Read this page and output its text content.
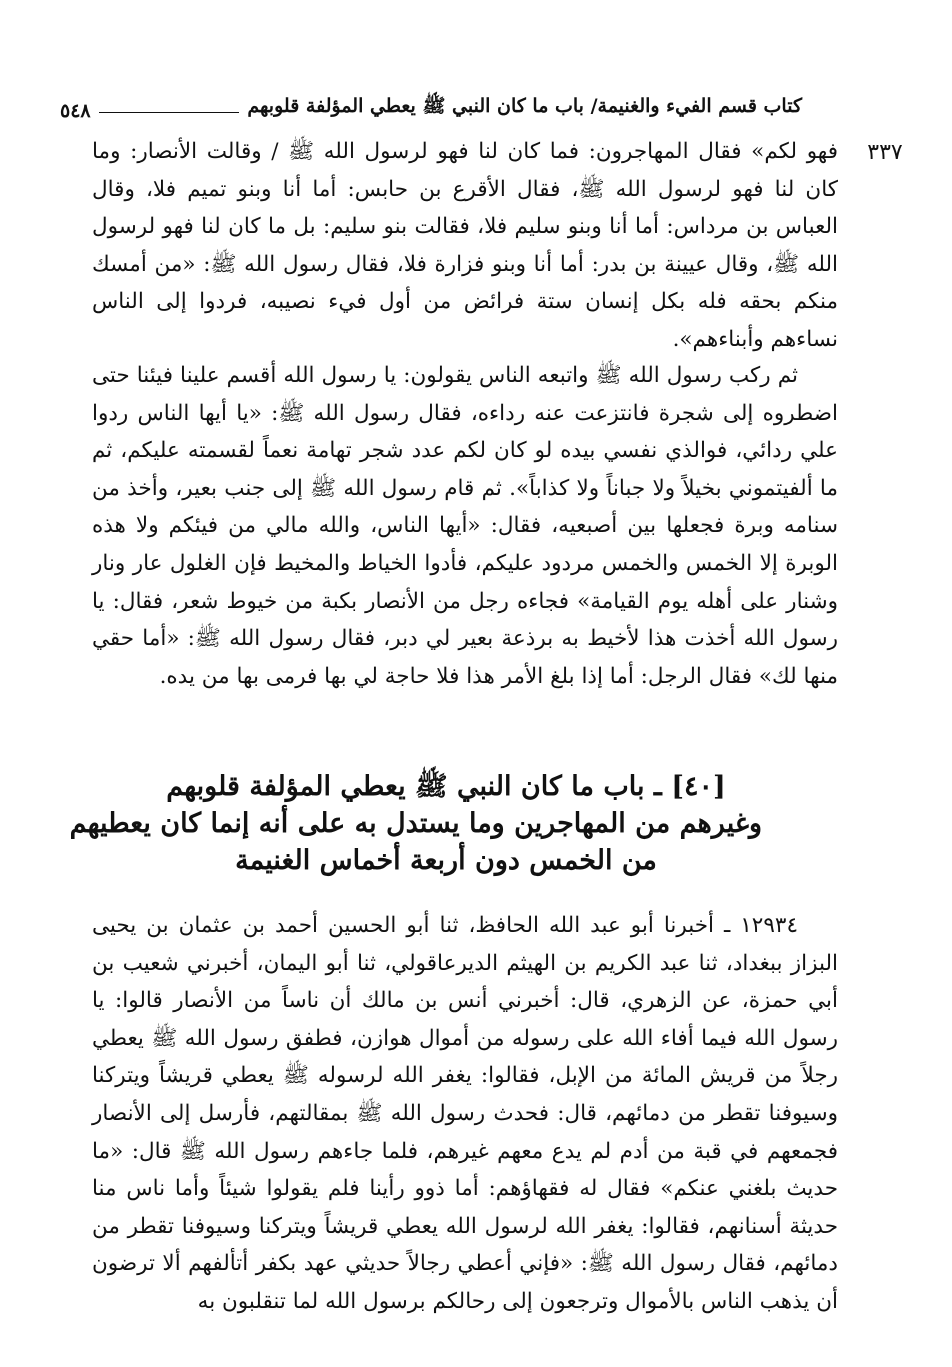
كتاب قسم الفيء والغنيمة/ باب ما كان النبي ﷺ يعطي المؤلفة قلوبهم
٥٤٨
٣٣٧
فهو لكم» فقال المهاجرون: فما كان لنا فهو لرسول الله ﷺ / وقالت الأنصار: وما كان لنا فهو لرسول الله ﷺ، فقال الأقرع بن حابس: أما أنا وبنو تميم فلا، وقال العباس بن مرداس: أما أنا وبنو سليم فلا، فقالت بنو سليم: بل ما كان لنا فهو لرسول الله ﷺ، وقال عيينة بن بدر: أما أنا وبنو فزارة فلا، فقال رسول الله ﷺ: «من أمسك منكم بحقه فله بكل إنسان ستة فرائض من أول فيء نصيبه، فردوا إلى الناس نساءهم وأبناءهم».
ثم ركب رسول الله ﷺ واتبعه الناس يقولون: يا رسول الله أقسم علينا فيئنا حتى اضطروه إلى شجرة فانتزعت عنه رداءه، فقال رسول الله ﷺ: «يا أيها الناس ردوا علي ردائي، فوالذي نفسي بيده لو كان لكم عدد شجر تهامة نعماً لقسمته عليكم، ثم ما ألفيتموني بخيلاً ولا جباناً ولا كذاباً». ثم قام رسول الله ﷺ إلى جنب بعير، وأخذ من سنامه وبرة فجعلها بين أصبعيه، فقال: «أيها الناس، والله مالي من فيئكم ولا هذه الوبرة إلا الخمس والخمس مردود عليكم، فأدوا الخياط والمخيط فإن الغلول عار ونار وشنار على أهله يوم القيامة» فجاءه رجل من الأنصار بكبة من خيوط شعر، فقال: يا رسول الله أخذت هذا لأخيط به برذعة بعير لي دبر، فقال رسول الله ﷺ: «أما حقي منها لك» فقال الرجل: أما إذا بلغ الأمر هذا فلا حاجة لي بها فرمى بها من يده.
[٤٠] ـ باب ما كان النبي ﷺ يعطي المؤلفة قلوبهم
وغيرهم من المهاجرين وما يستدل به على أنه إنما كان يعطيهم
من الخمس دون أربعة أخماس الغنيمة
١٢٩٣٤ ـ أخبرنا أبو عبد الله الحافظ، ثنا أبو الحسين أحمد بن عثمان بن يحيى البزاز ببغداد، ثنا عبد الكريم بن الهيثم الديرعاقولي، ثنا أبو اليمان، أخبرني شعيب بن أبي حمزة، عن الزهري، قال: أخبرني أنس بن مالك أن ناساً من الأنصار قالوا: يا رسول الله فيما أفاء الله على رسوله من أموال هوازن، فطفق رسول الله ﷺ يعطي رجلاً من قريش المائة من الإبل، فقالوا: يغفر الله لرسوله ﷺ يعطي قريشاً ويتركنا وسيوفنا تقطر من دمائهم، قال: فحدث رسول الله ﷺ بمقالتهم، فأرسل إلى الأنصار فجمعهم في قبة من أدم لم يدع معهم غيرهم، فلما جاءهم رسول الله ﷺ قال: «ما حديث بلغني عنكم» فقال له فقهاؤهم: أما ذوو رأينا فلم يقولوا شيئاً وأما ناس منا حديثة أسنانهم، فقالوا: يغفر الله لرسول الله يعطي قريشاً ويتركنا وسيوفنا تقطر من دمائهم، فقال رسول الله ﷺ: «فإني أعطي رجالاً حديثي عهد بكفر أتألفهم ألا ترضون أن يذهب الناس بالأموال وترجعون إلى رحالكم برسول الله لما تنقلبون به
